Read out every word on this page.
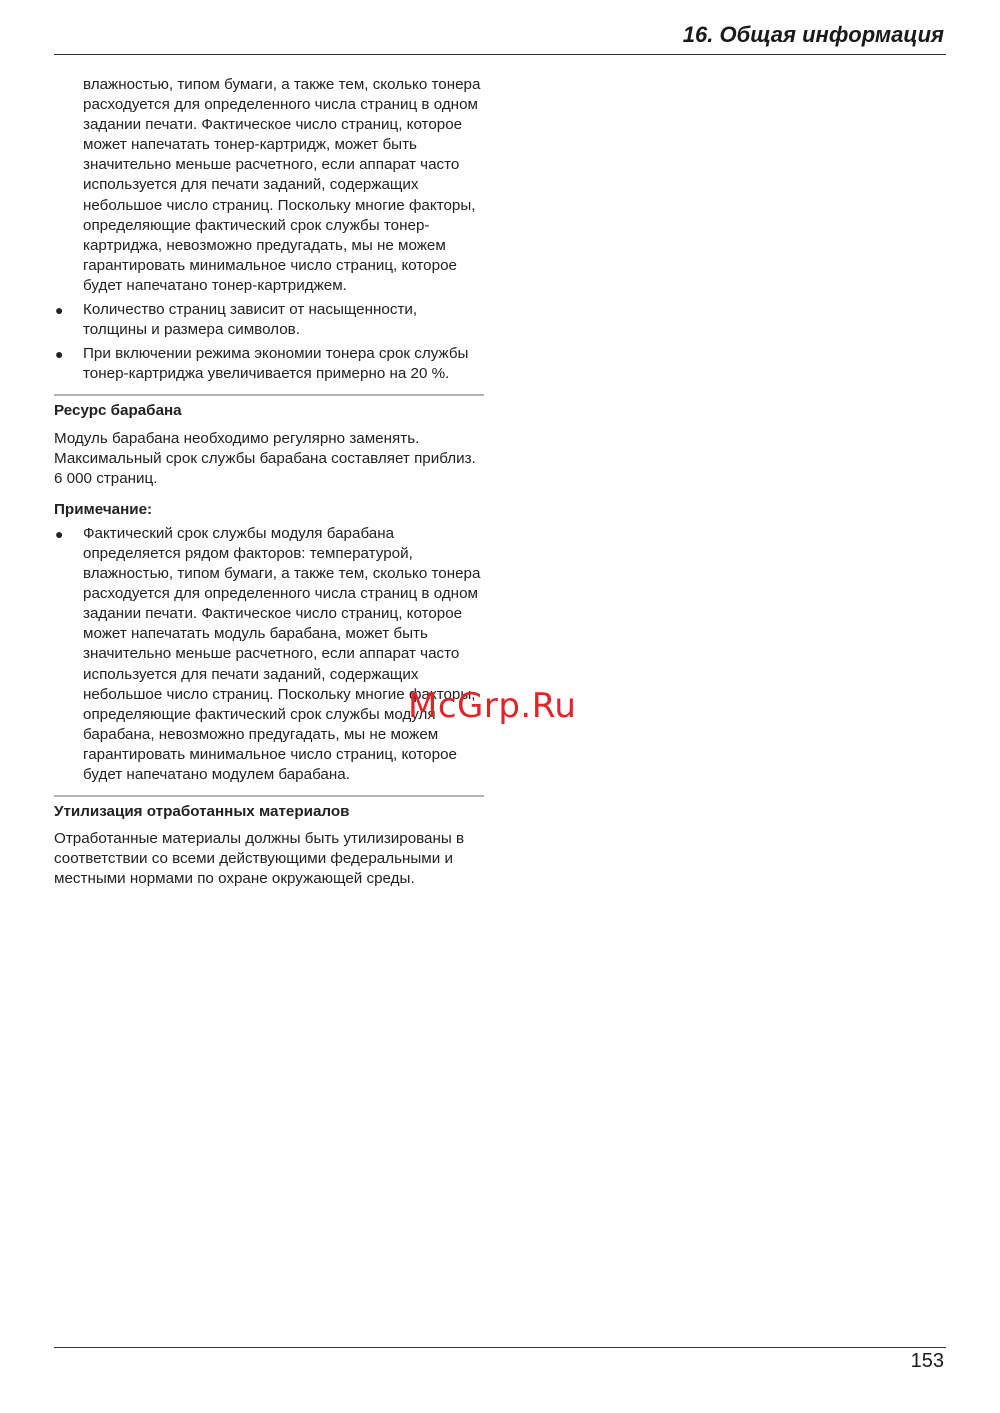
16. Общая информация

влажностью, типом бумаги, а также тем, сколько тонера расходуется для определенного числа страниц в одном задании печати. Фактическое число страниц, которое может напечатать тонер-картридж, может быть значительно меньше расчетного, если аппарат часто используется для печати заданий, содержащих небольшое число страниц. Поскольку многие факторы, определяющие фактический срок службы тонер-картриджа, невозможно предугадать, мы не можем гарантировать минимальное число страниц, которое будет напечатано тонер-картриджем.

● Количество страниц зависит от насыщенности, толщины и размера символов.
● При включении режима экономии тонера срок службы тонер-картриджа увеличивается примерно на 20 %.
Ресурс барабана

Модуль барабана необходимо регулярно заменять. Максимальный срок службы барабана составляет приблиз. 6 000 страниц.

Примечание:
● Фактический срок службы модуля барабана определяется рядом факторов: температурой, влажностью, типом бумаги, а также тем, сколько тонера расходуется для определенного числа страниц в одном задании печати. Фактическое число страниц, которое может напечатать модуль барабана, может быть значительно меньше расчетного, если аппарат часто используется для печати заданий, содержащих небольшое число страниц. Поскольку многие факторы, определяющие фактический срок службы модуля барабана, невозможно предугадать, мы не можем гарантировать минимальное число страниц, которое будет напечатано модулем барабана.
Утилизация отработанных материалов

Отработанные материалы должны быть утилизированы в соответствии со всеми действующими федеральными и местными нормами по охране окружающей среды.

McGrp.Ru
153
